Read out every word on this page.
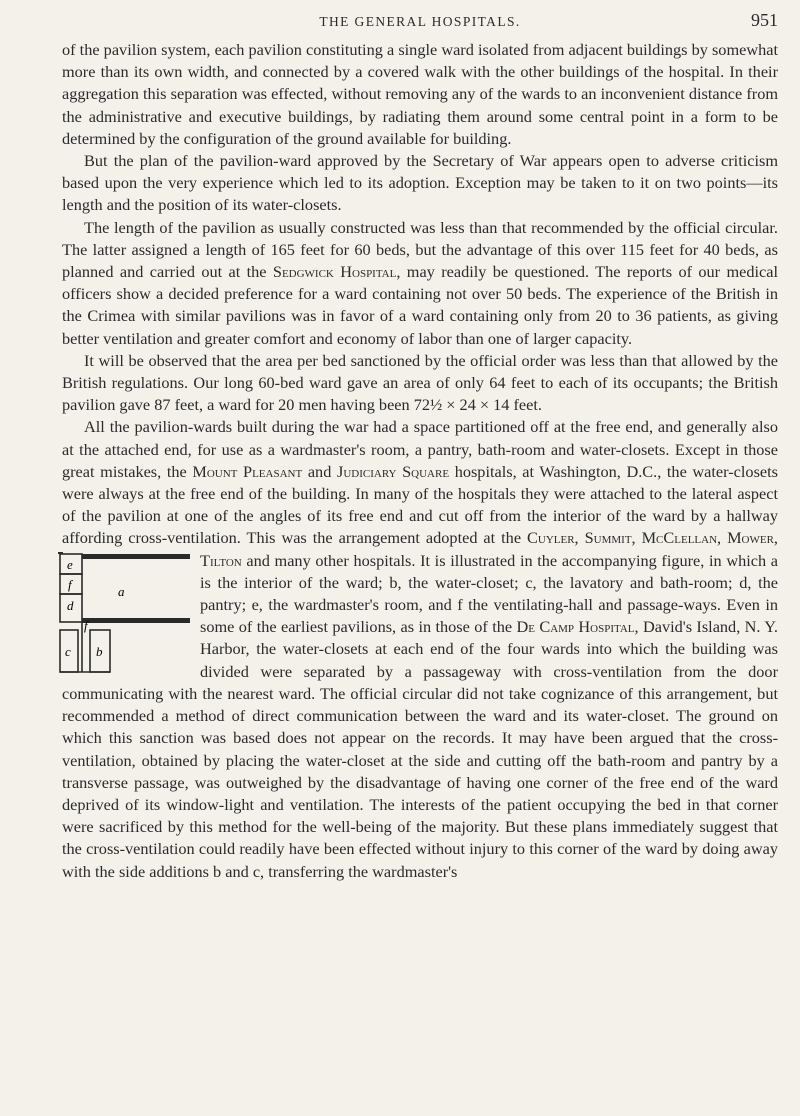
THE GENERAL HOSPITALS.	951

of the pavilion system, each pavilion constituting a single ward isolated from adjacent buildings by somewhat more than its own width, and connected by a covered walk with the other buildings of the hospital. In their aggregation this separation was effected, without removing any of the wards to an inconvenient distance from the administrative and executive buildings, by radiating them around some central point in a form to be determined by the configuration of the ground available for building.

But the plan of the pavilion-ward approved by the Secretary of War appears open to adverse criticism based upon the very experience which led to its adoption. Exception may be taken to it on two points—its length and the position of its water-closets.

The length of the pavilion as usually constructed was less than that recommended by the official circular. The latter assigned a length of 165 feet for 60 beds, but the advantage of this over 115 feet for 40 beds, as planned and carried out at the Sedgwick Hospital, may readily be questioned. The reports of our medical officers show a decided preference for a ward containing not over 50 beds. The experience of the British in the Crimea with similar pavilions was in favor of a ward containing only from 20 to 36 patients, as giving better ventilation and greater comfort and economy of labor than one of larger capacity.

It will be observed that the area per bed sanctioned by the official order was less than that allowed by the British regulations. Our long 60-bed ward gave an area of only 64 feet to each of its occupants; the British pavilion gave 87 feet, a ward for 20 men having been 72½ × 24 × 14 feet.

All the pavilion-wards built during the war had a space partitioned off at the free end, and generally also at the attached end, for use as a wardmaster's room, a pantry, bath-room and water-closets. Except in those great mistakes, the Mount Pleasant and Judiciary Square hospitals, at Washington, D.C., the water-closets were always at the free end of the building. In many of the hospitals they were attached to the lateral aspect of the pavilion at one of the angles of its free end and cut off from the interior of the ward by a hallway affording cross-ventilation. This was the arrangement adopted at the Cuyler, Summit, McClellan, Mower, Tilton and many other hospitals. It is illustrated in the accompanying figure, in which
e
f
d
f
c b
a
a is the interior of the ward; b, the water-closet; c, the lavatory and bath-room; d, the pantry; e, the wardmaster's room, and f the ventilating-hall and passage-ways. Even in some of the earliest pavilions, as in those of the De Camp Hospital, David's Island, N. Y. Harbor, the water-closets at each end of the four wards into which the building was divided were separated by a passageway with cross-ventilation from the door communicating with the nearest ward. The official circular did not take cognizance of this arrangement, but recommended a method of direct communication between the ward and its water-closet. The ground on which this sanction was based does not appear on the records. It may have been argued that the cross-ventilation, obtained by placing the water-closet at the side and cutting off the bath-room and pantry by a transverse passage, was outweighed by the disadvantage of having one corner of the free end of the ward deprived of its window-light and ventilation. The interests of the patient occupying the bed in that corner were sacrificed by this method for the well-being of the majority. But these plans immediately suggest that the cross-ventilation could readily have been effected without injury to this corner of the ward by doing away with the side additions b and c, transferring the wardmaster's
